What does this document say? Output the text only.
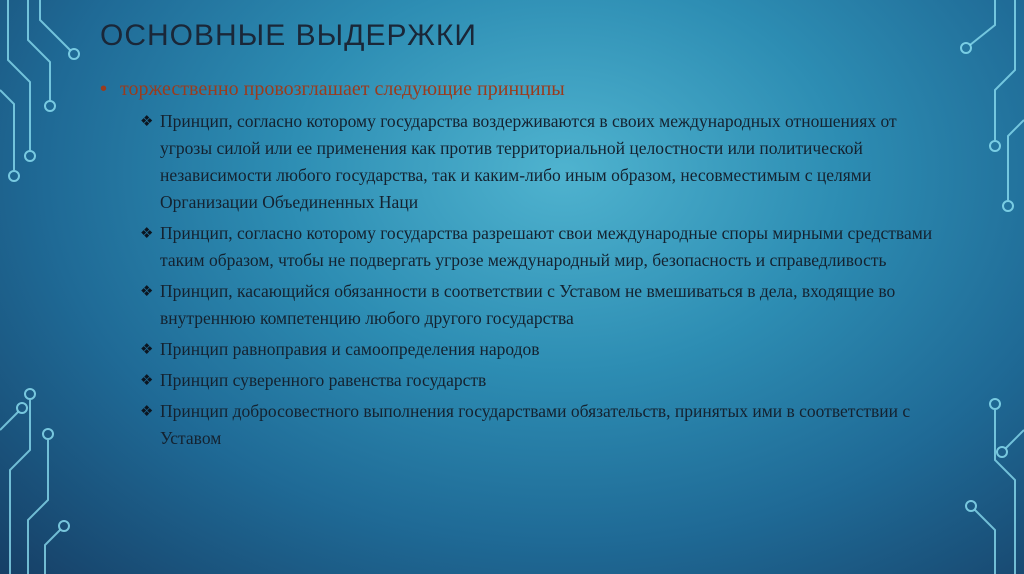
ОСНОВНЫЕ ВЫДЕРЖКИ
• торжественно провозглашает следующие принципы
❖ Принцип, согласно которому государства воздерживаются в своих международных отношениях от угрозы силой или ее применения как против территориальной целостности или политической независимости любого государства, так и каким-либо иным образом, несовместимым с целями Организации Объединенных Наци
❖ Принцип, согласно которому государства разрешают свои международные споры мирными средствами таким образом, чтобы не подвергать угрозе международный мир, безопасность и справедливость
❖ Принцип, касающийся обязанности в соответствии с Уставом не вмешиваться в дела, входящие во внутреннюю компетенцию любого другого государства
❖ Принцип равноправия и самоопределения народов
❖ Принцип суверенного равенства государств
❖ Принцип добросовестного выполнения государствами обязательств, принятых ими в соответствии с Уставом
